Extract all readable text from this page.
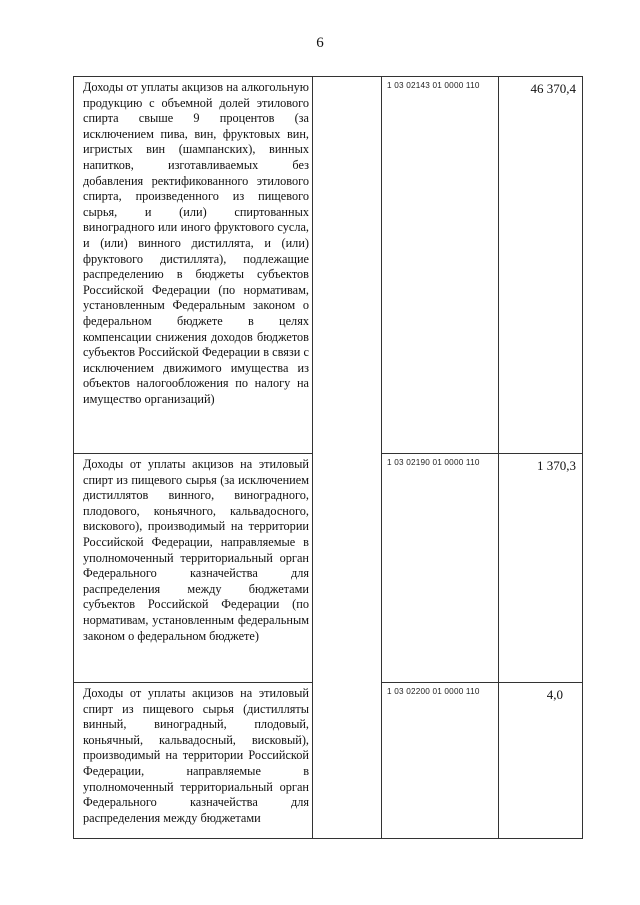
6
Доходы от уплаты акцизов на алкогольную продукцию с объемной долей этилового спирта свыше 9 процентов (за исключением пива, вин, фруктовых вин, игристых вин (шампанских), винных напитков, изготавливаемых без добавления ректификованного этилового спирта, произведенного из пищевого сырья, и (или) спиртованных виноградного или иного фруктового сусла, и (или) винного дистиллята, и (или) фруктового дистиллята), подлежащие распределению в бюджеты субъектов Российской Федерации (по нормативам, установленным Федеральным законом о федеральном бюджете в целях компенсации снижения доходов бюджетов субъектов Российской Федерации в связи с исключением движимого имущества из объектов налогообложения по налогу на имущество организаций)
1 03 02143 01 0000 110	46 370,4
Доходы от уплаты акцизов на этиловый спирт из пищевого сырья (за исключением дистиллятов винного, виноградного, плодового, коньячного, кальвадосного, вискового), производимый на территории Российской Федерации, направляемые в уполномоченный территориальный орган Федерального казначейства для распределения между бюджетами субъектов Российской Федерации (по нормативам, установленным федеральным законом о федеральном бюджете)
1 03 02190 01 0000 110	1 370,3
Доходы от уплаты акцизов на этиловый спирт из пищевого сырья (дистилляты винный, виноградный, плодовый, коньячный, кальвадосный, висковый), производимый на территории Российской Федерации, направляемые в уполномоченный территориальный орган Федерального казначейства для распределения между бюджетами
1 03 02200 01 0000 110	4,0
